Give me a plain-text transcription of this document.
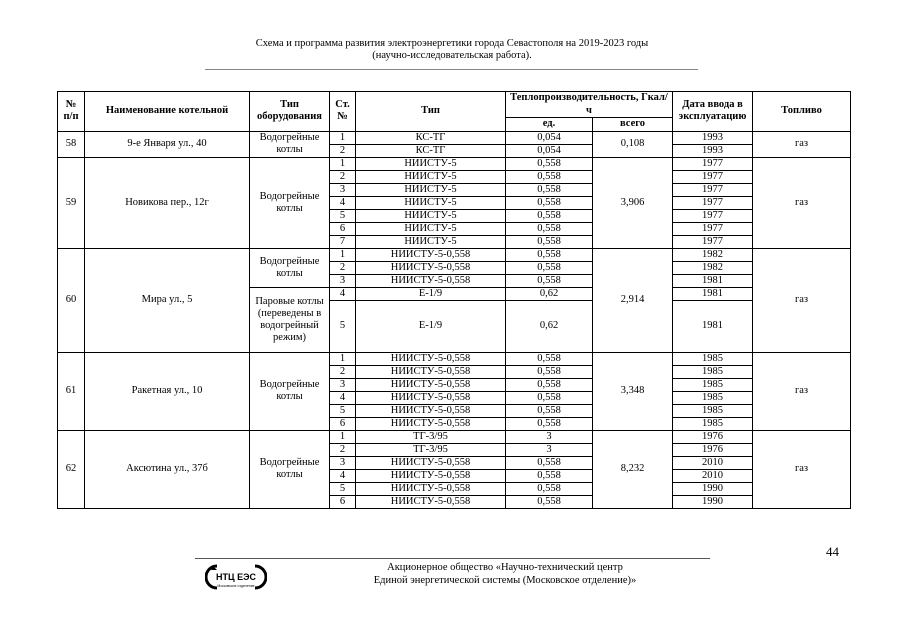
Схема и программа развития электроэнергетики города Севастополя на 2019-2023 годы
(научно-исследовательская работа).
№ п/п	Наименование котельной	Тип оборудования	Ст. №	Тип	Теплопроизводительность, Гкал/ч		Дата ввода в эксплуатацию	Топливо
					ед.	всего		
58	9-е Января ул., 40	Водогрейные котлы	1	КС-ТГ	0,054	0,108	1993	газ
			2	КС-ТГ	0,054		1993	
59	Новикова пер., 12г	Водогрейные котлы	1	НИИСТУ-5	0,558	3,906	1977	газ
			2	НИИСТУ-5	0,558		1977	
			3	НИИСТУ-5	0,558		1977	
			4	НИИСТУ-5	0,558		1977	
			5	НИИСТУ-5	0,558		1977	
			6	НИИСТУ-5	0,558		1977	
			7	НИИСТУ-5	0,558		1977	
60	Мира ул., 5	Водогрейные котлы	1	НИИСТУ-5-0,558	0,558	2,914	1982	газ
			2	НИИСТУ-5-0,558	0,558		1982	
			3	НИИСТУ-5-0,558	0,558		1981	
		Паровые котлы (переведены в водогрейный режим)	4	Е-1/9	0,62		1981	
			5	Е-1/9	0,62		1981	
61	Ракетная ул., 10	Водогрейные котлы	1	НИИСТУ-5-0,558	0,558	3,348	1985	газ
			2	НИИСТУ-5-0,558	0,558		1985	
			3	НИИСТУ-5-0,558	0,558		1985	
			4	НИИСТУ-5-0,558	0,558		1985	
			5	НИИСТУ-5-0,558	0,558		1985	
			6	НИИСТУ-5-0,558	0,558		1985	
62	Аксютина ул., 37б	Водогрейные котлы	1	ТГ-3/95	3	8,232	1976	газ
			2	ТГ-3/95	3		1976	
			3	НИИСТУ-5-0,558	0,558		2010	
			4	НИИСТУ-5-0,558	0,558		2010	
			5	НИИСТУ-5-0,558	0,558		1990	
			6	НИИСТУ-5-0,558	0,558		1990	
44
НТЦ ЕЭС
Московское отделение
Акционерное общество «Научно-технический центр
Единой энергетической системы (Московское отделение)»
